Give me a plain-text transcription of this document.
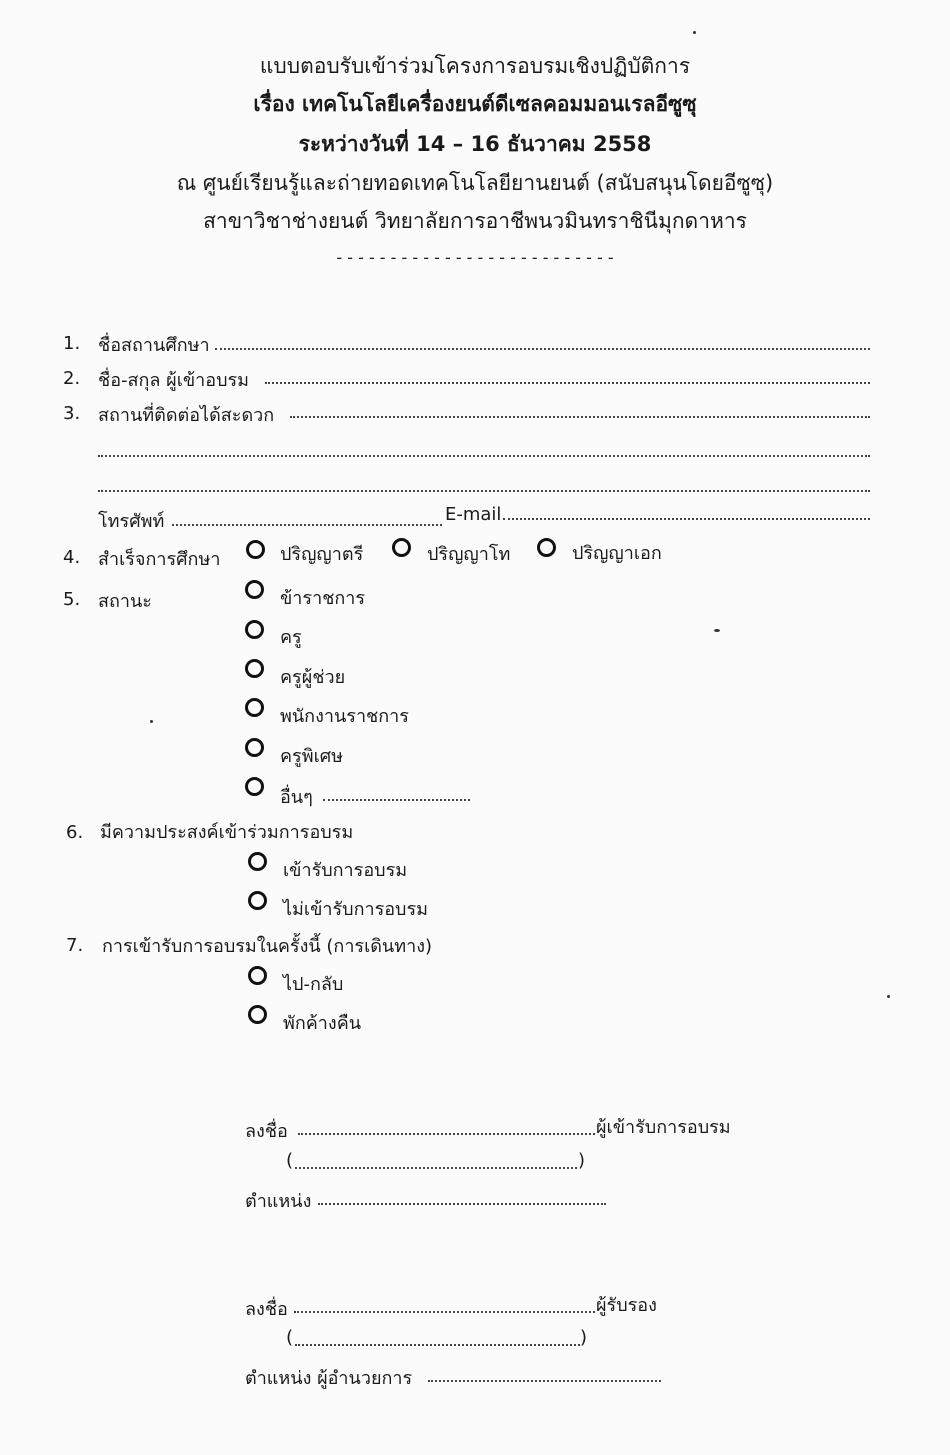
แบบตอบรับเข้าร่วมโครงการอบรมเชิงปฏิบัติการ
เรื่อง เทคโนโลยีเครื่องยนต์ดีเซลคอมมอนเรลอีซูซุ
ระหว่างวันที่ 14 – 16 ธันวาคม 2558
ณ ศูนย์เรียนรู้และถ่ายทอดเทคโนโลยียานยนต์ (สนับสนุนโดยอีซูซุ)
สาขาวิชาช่างยนต์ วิทยาลัยการอาชีพนวมินทราชินีมุกดาหาร
- - - - - - - - - - - - - - - - - - - - - - - - - -
1. ชื่อสถานศึกษา
2. ชื่อ-สกุล ผู้เข้าอบรม
3. สถานที่ติดต่อได้สะดวก
โทรศัพท์	E-mail
4. สำเร็จการศึกษา	ปริญญาตรี	ปริญญาโท	ปริญญาเอก
5. สถานะ	ข้าราชการ
ครู
ครูผู้ช่วย
พนักงานราชการ
ครูพิเศษ
อื่นๆ
6. มีความประสงค์เข้าร่วมการอบรม
เข้ารับการอบรม
ไม่เข้ารับการอบรม
7. การเข้ารับการอบรมในครั้งนี้ (การเดินทาง)
ไป-กลับ
พักค้างคืน
ลงชื่อ	ผู้เข้ารับการอบรม
(	)
ตำแหน่ง
ลงชื่อ	ผู้รับรอง
(	)
ตำแหน่ง ผู้อำนวยการ
